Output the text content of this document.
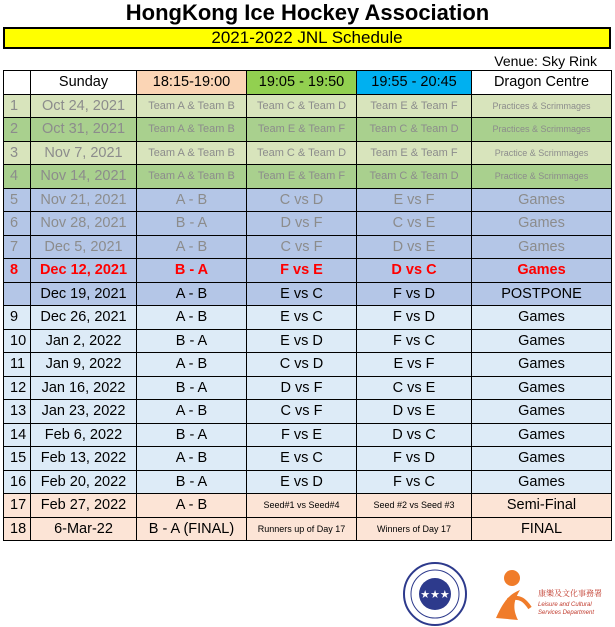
HongKong Ice Hockey Association
2021-2022 JNL Schedule
Venue: Sky Rink
	Sunday	18:15-19:00	19:05 - 19:50	19:55 - 20:45	Dragon Centre
1	Oct 24, 2021	Team A & Team B	Team C & Team D	Team E & Team F	Practices & Scrimmages
2	Oct 31, 2021	Team A & Team B	Team E & Team F	Team C & Team D	Practices & Scrimmages
3	Nov 7, 2021	Team A & Team B	Team C & Team D	Team E & Team F	Practice & Scrimmages
4	Nov 14, 2021	Team A & Team B	Team E & Team F	Team C & Team D	Practice & Scrimmages
5	Nov 21, 2021	A - B	C vs D	E vs F	Games
6	Nov 28, 2021	B - A	D vs F	C vs E	Games
7	Dec 5, 2021	A - B	C vs F	D vs E	Games
8	Dec 12, 2021	B - A	F vs E	D vs C	Games
	Dec 19, 2021	A - B	E vs C	F vs D	POSTPONE
9	Dec 26, 2021	A - B	E vs C	F vs D	Games
10	Jan 2, 2022	B - A	E vs D	F vs C	Games
11	Jan 9, 2022	A - B	C vs D	E vs F	Games
12	Jan 16, 2022	B - A	D vs F	C vs E	Games
13	Jan 23, 2022	A - B	C vs F	D vs E	Games
14	Feb 6, 2022	B - A	F vs E	D vs C	Games
15	Feb 13, 2022	A - B	E vs C	F vs D	Games
16	Feb 20, 2022	B - A	E vs D	F vs C	Games
17	Feb 27, 2022	A - B	Seed#1 vs Seed#4	Seed #2 vs Seed #3	Semi-Final
18	6-Mar-22	B - A (FINAL)	Runners up of Day 17	Winners of Day 17	FINAL
★★★	康樂及文化事務署
Leisure and Cultural
Services Department
